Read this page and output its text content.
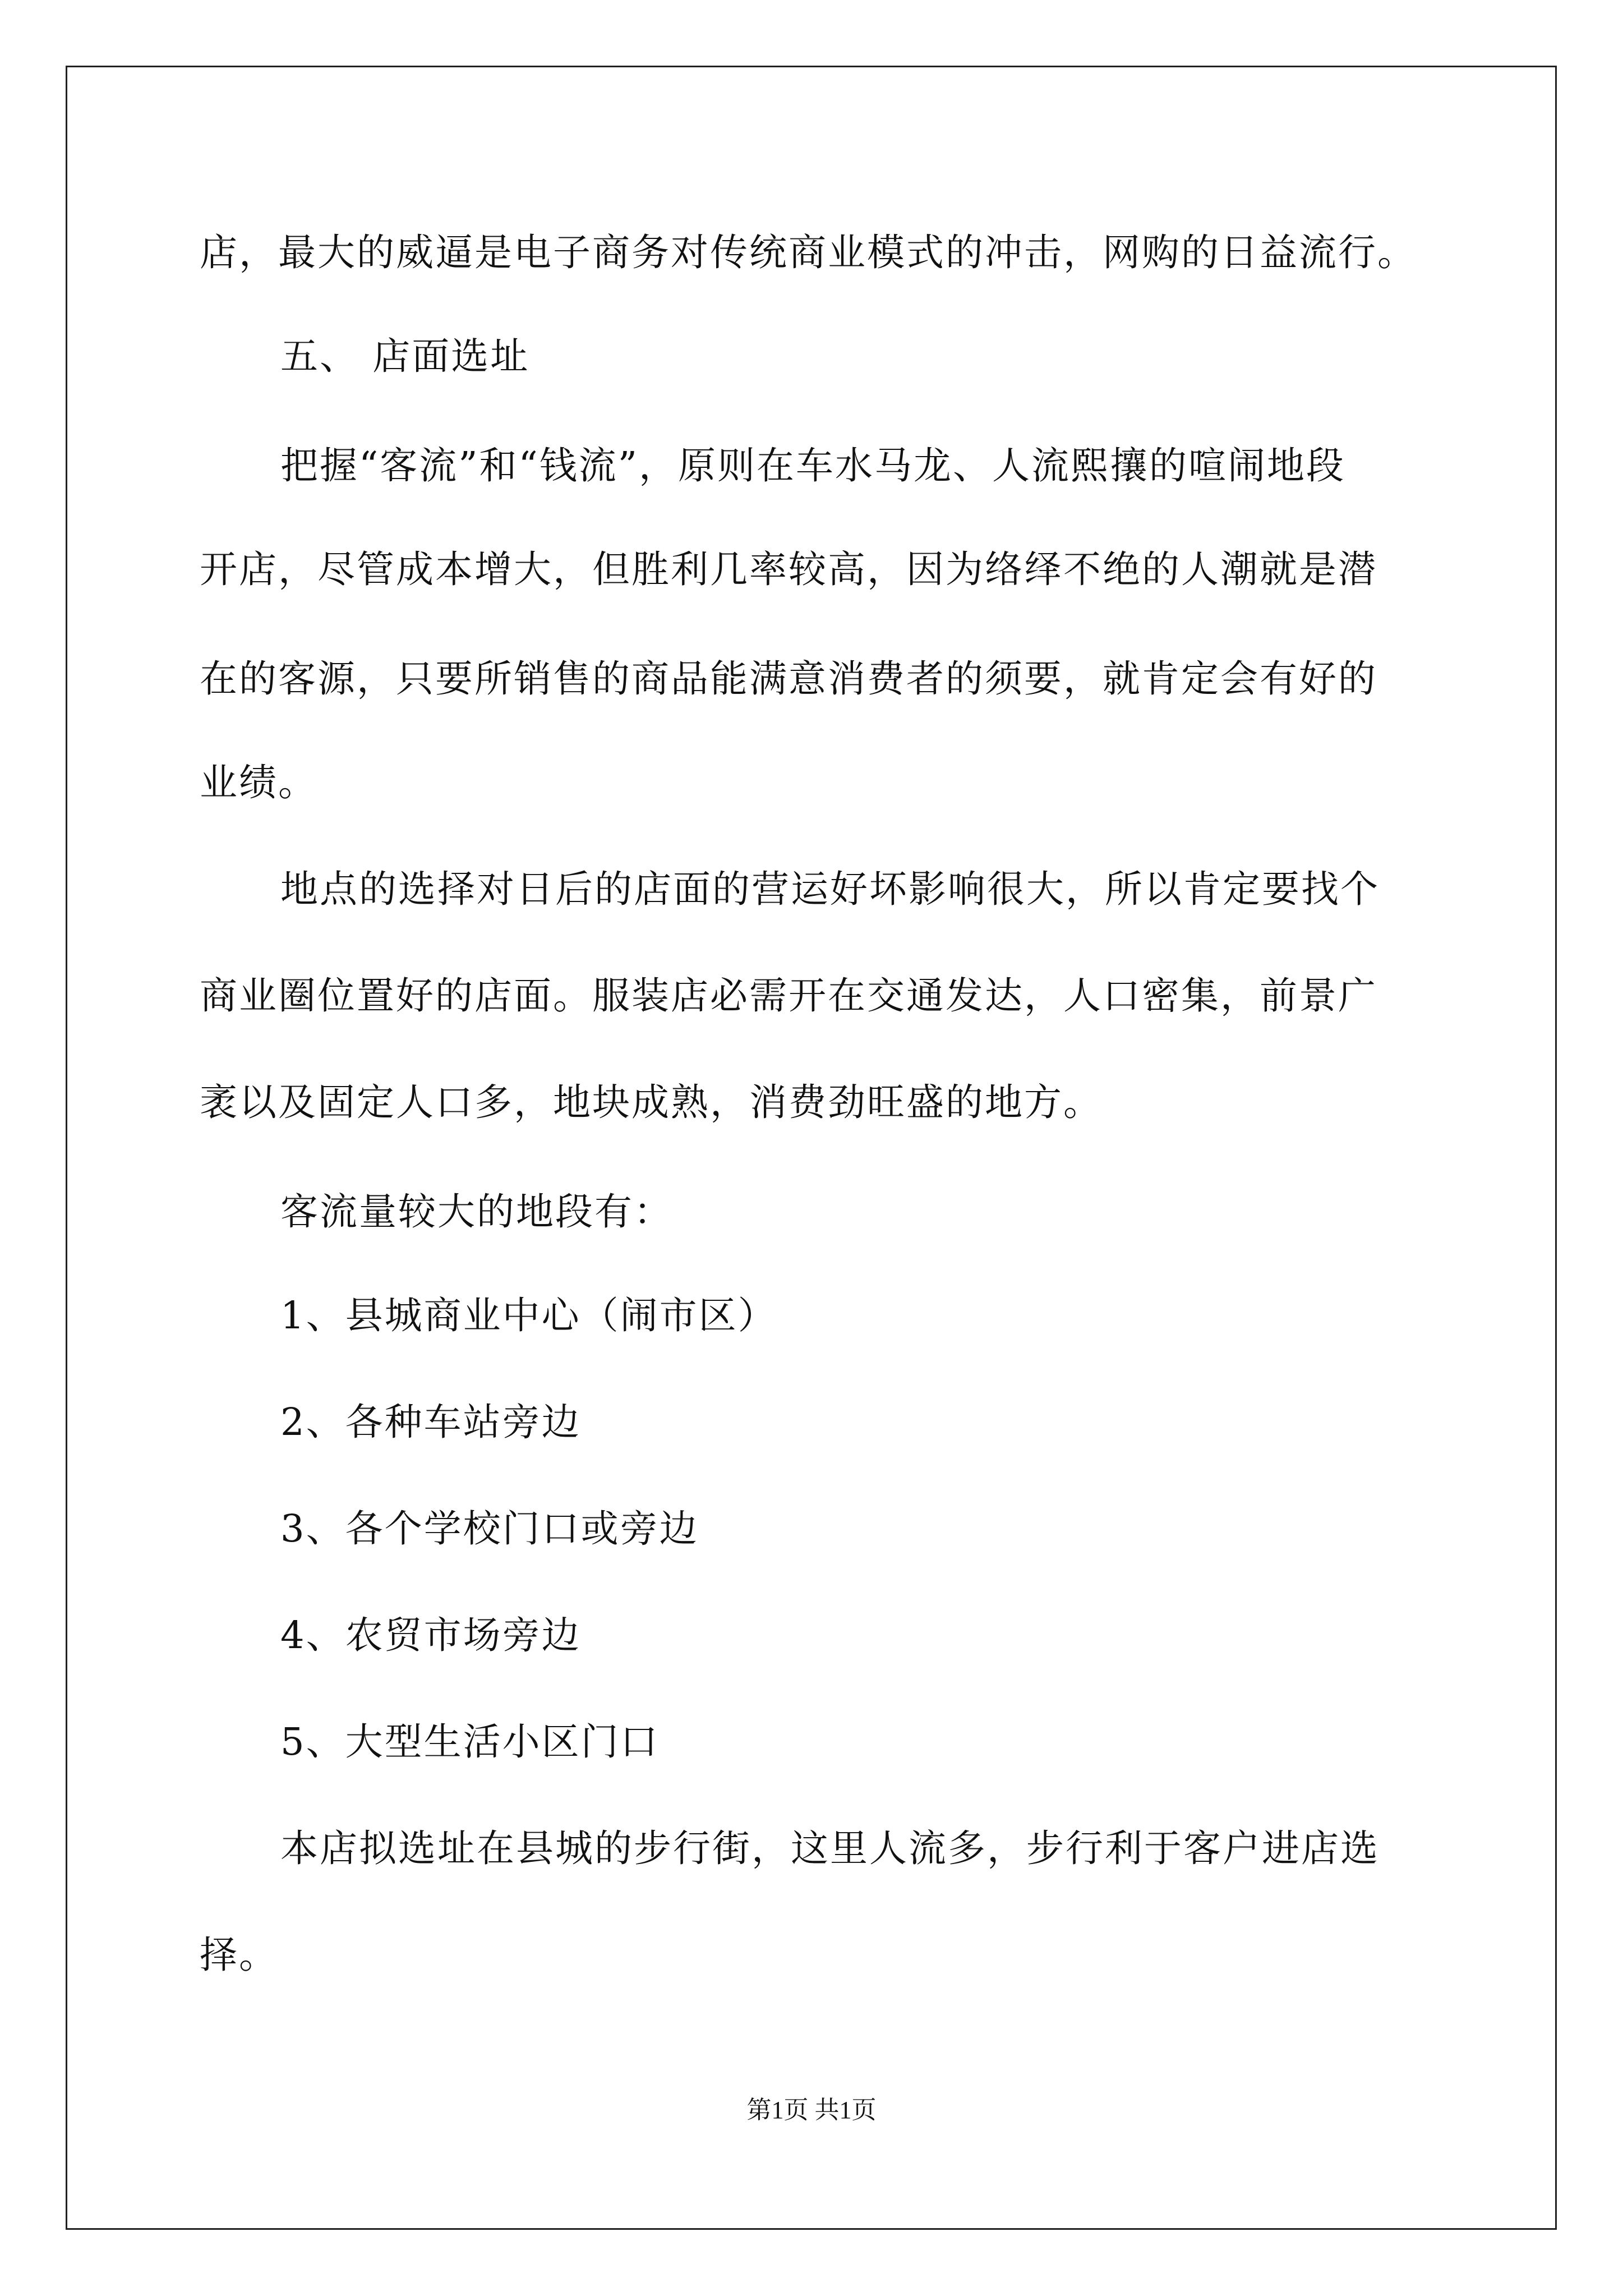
店，最大的威逼是电子商务对传统商业模式的冲击，网购的日益流行。

五、 店面选址

把握“客流”和“钱流”，原则在车水马龙、人流熙攘的喧闹地段

开店，尽管成本增大，但胜利几率较高，因为络绎不绝的人潮就是潜

在的客源，只要所销售的商品能满意消费者的须要，就肯定会有好的

业绩。

地点的选择对日后的店面的营运好坏影响很大，所以肯定要找个

商业圈位置好的店面。服装店必需开在交通发达，人口密集，前景广

袤以及固定人口多，地块成熟，消费劲旺盛的地方。

客流量较大的地段有：

1、县城商业中心（闹市区）

2、各种车站旁边

3、各个学校门口或旁边

4、农贸市场旁边

5、大型生活小区门口

本店拟选址在县城的步行街，这里人流多，步行利于客户进店选

择。

第1页 共1页
